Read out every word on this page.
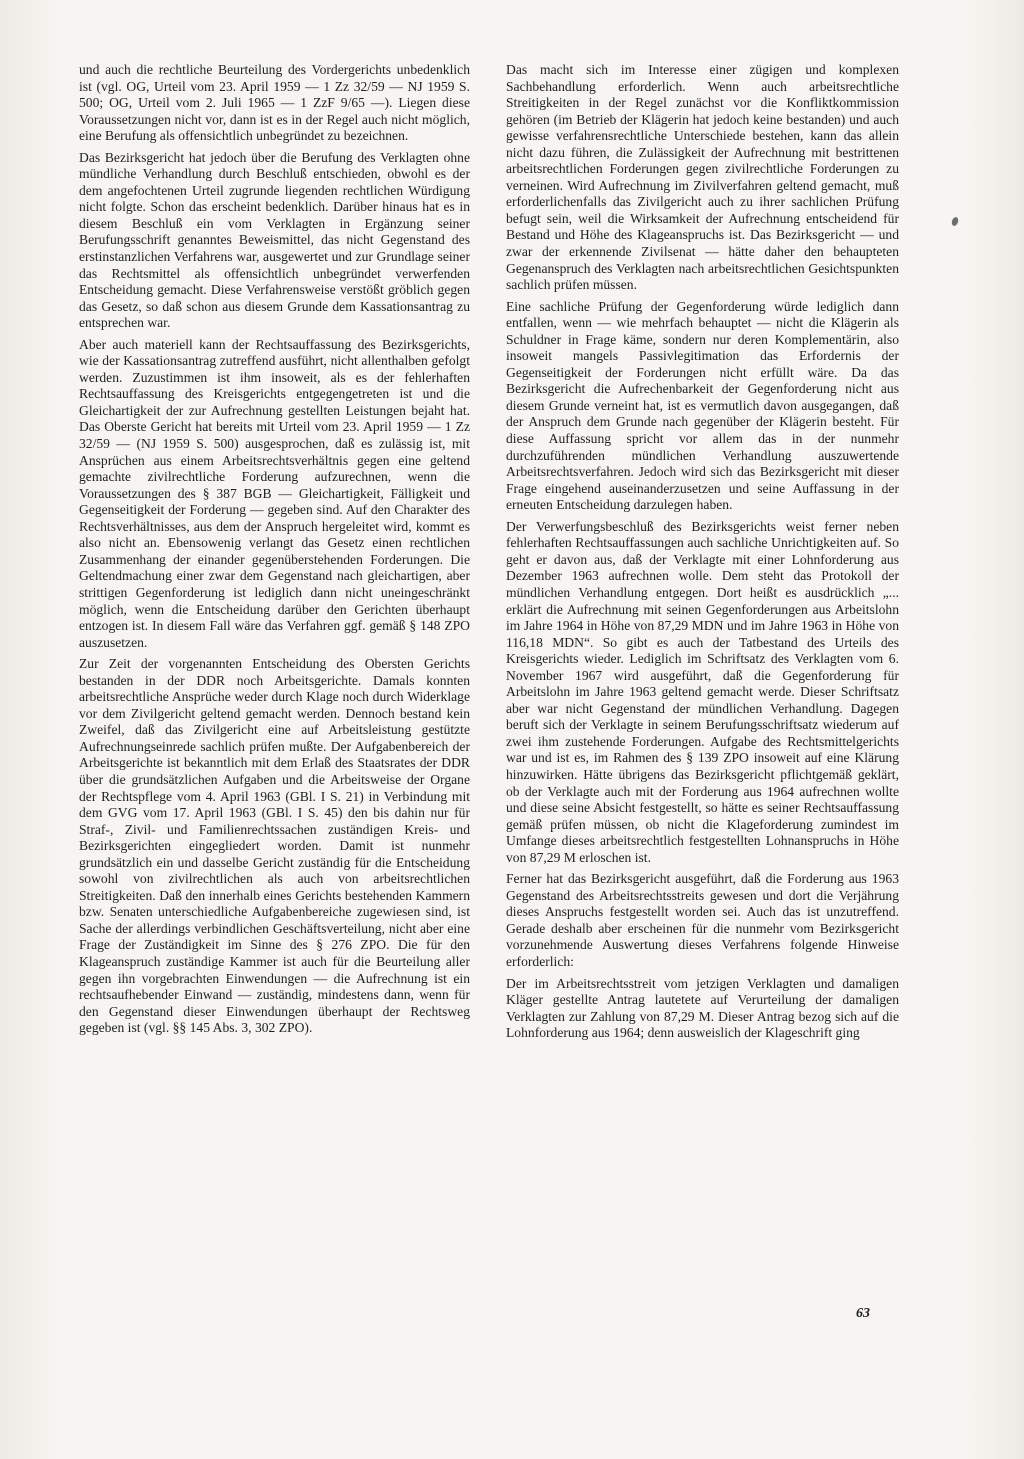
und auch die rechtliche Beurteilung des Vordergerichts unbedenklich ist (vgl. OG, Urteil vom 23. April 1959 — 1 Zz 32/59 — NJ 1959 S. 500; OG, Urteil vom 2. Juli 1965 — 1 ZzF 9/65 —). Liegen diese Voraussetzungen nicht vor, dann ist es in der Regel auch nicht möglich, eine Berufung als offensichtlich unbegründet zu bezeichnen.

Das Bezirksgericht hat jedoch über die Berufung des Verklagten ohne mündliche Verhandlung durch Beschluß entschieden, obwohl es der dem angefochtenen Urteil zugrunde liegenden rechtlichen Würdigung nicht folgte. Schon das erscheint bedenklich. Darüber hinaus hat es in diesem Beschluß ein vom Verklagten in Ergänzung seiner Berufungsschrift genanntes Beweismittel, das nicht Gegenstand des erstinstanzlichen Verfahrens war, ausgewertet und zur Grundlage seiner das Rechtsmittel als offensichtlich unbegründet verwerfenden Entscheidung gemacht. Diese Verfahrensweise verstößt gröblich gegen das Gesetz, so daß schon aus diesem Grunde dem Kassationsantrag zu entsprechen war.

Aber auch materiell kann der Rechtsauffassung des Bezirksgerichts, wie der Kassationsantrag zutreffend ausführt, nicht allenthalben gefolgt werden. Zuzustimmen ist ihm insoweit, als es der fehlerhaften Rechtsauffassung des Kreisgerichts entgegengetreten ist und die Gleichartigkeit der zur Aufrechnung gestellten Leistungen bejaht hat. Das Oberste Gericht hat bereits mit Urteil vom 23. April 1959 — 1 Zz 32/59 — (NJ 1959 S. 500) ausgesprochen, daß es zulässig ist, mit Ansprüchen aus einem Arbeitsrechtsverhältnis gegen eine geltend gemachte zivilrechtliche Forderung aufzurechnen, wenn die Voraussetzungen des § 387 BGB — Gleichartigkeit, Fälligkeit und Gegenseitigkeit der Forderung — gegeben sind. Auf den Charakter des Rechtsverhältnisses, aus dem der Anspruch hergeleitet wird, kommt es also nicht an. Ebensowenig verlangt das Gesetz einen rechtlichen Zusammenhang der einander gegenüberstehenden Forderungen. Die Geltendmachung einer zwar dem Gegenstand nach gleichartigen, aber strittigen Gegenforderung ist lediglich dann nicht uneingeschränkt möglich, wenn die Entscheidung darüber den Gerichten überhaupt entzogen ist. In diesem Fall wäre das Verfahren ggf. gemäß § 148 ZPO auszusetzen.

Zur Zeit der vorgenannten Entscheidung des Obersten Gerichts bestanden in der DDR noch Arbeitsgerichte. Damals konnten arbeitsrechtliche Ansprüche weder durch Klage noch durch Widerklage vor dem Zivilgericht geltend gemacht werden. Dennoch bestand kein Zweifel, daß das Zivilgericht eine auf Arbeitsleistung gestützte Aufrechnungseinrede sachlich prüfen mußte. Der Aufgabenbereich der Arbeitsgerichte ist bekanntlich mit dem Erlaß des Staatsrates der DDR über die grundsätzlichen Aufgaben und die Arbeitsweise der Organe der Rechtspflege vom 4. April 1963 (GBl. I S. 21) in Verbindung mit dem GVG vom 17. April 1963 (GBl. I S. 45) den bis dahin nur für Straf-, Zivil- und Familienrechtssachen zuständigen Kreis- und Bezirksgerichten eingegliedert worden. Damit ist nunmehr grundsätzlich ein und dasselbe Gericht zuständig für die Entscheidung sowohl von zivilrechtlichen als auch von arbeitsrechtlichen Streitigkeiten. Daß den innerhalb eines Gerichts bestehenden Kammern bzw. Senaten unterschiedliche Aufgabenbereiche zugewiesen sind, ist Sache der allerdings verbindlichen Geschäftsverteilung, nicht aber eine Frage der Zuständigkeit im Sinne des § 276 ZPO. Die für den Klageanspruch zuständige Kammer ist auch für die Beurteilung aller gegen ihn vorgebrachten Einwendungen — die Aufrechnung ist ein rechtsaufhebender Einwand — zuständig, mindestens dann, wenn für den Gegenstand dieser Einwendungen überhaupt der Rechtsweg gegeben ist (vgl. §§ 145 Abs. 3, 302 ZPO).

Das macht sich im Interesse einer zügigen und komplexen Sachbehandlung erforderlich. Wenn auch arbeitsrechtliche Streitigkeiten in der Regel zunächst vor die Konfliktkommission gehören (im Betrieb der Klägerin hat jedoch keine bestanden) und auch gewisse verfahrensrechtliche Unterschiede bestehen, kann das allein nicht dazu führen, die Zulässigkeit der Aufrechnung mit bestrittenen arbeitsrechtlichen Forderungen gegen zivilrechtliche Forderungen zu verneinen. Wird Aufrechnung im Zivilverfahren geltend gemacht, muß erforderlichenfalls das Zivilgericht auch zu ihrer sachlichen Prüfung befugt sein, weil die Wirksamkeit der Aufrechnung entscheidend für Bestand und Höhe des Klageanspruchs ist. Das Bezirksgericht — und zwar der erkennende Zivilsenat — hätte daher den behaupteten Gegenanspruch des Verklagten nach arbeitsrechtlichen Gesichtspunkten sachlich prüfen müssen.

Eine sachliche Prüfung der Gegenforderung würde lediglich dann entfallen, wenn — wie mehrfach behauptet — nicht die Klägerin als Schuldner in Frage käme, sondern nur deren Komplementärin, also insoweit mangels Passivlegitimation das Erfordernis der Gegenseitigkeit der Forderungen nicht erfüllt wäre. Da das Bezirksgericht die Aufrechenbarkeit der Gegenforderung nicht aus diesem Grunde verneint hat, ist es vermutlich davon ausgegangen, daß der Anspruch dem Grunde nach gegenüber der Klägerin besteht. Für diese Auffassung spricht vor allem das in der nunmehr durchzuführenden mündlichen Verhandlung auszuwertende Arbeitsrechtsverfahren. Jedoch wird sich das Bezirksgericht mit dieser Frage eingehend auseinanderzusetzen und seine Auffassung in der erneuten Entscheidung darzulegen haben.

Der Verwerfungsbeschluß des Bezirksgerichts weist ferner neben fehlerhaften Rechtsauffassungen auch sachliche Unrichtigkeiten auf. So geht er davon aus, daß der Verklagte mit einer Lohnforderung aus Dezember 1963 aufrechnen wolle. Dem steht das Protokoll der mündlichen Verhandlung entgegen. Dort heißt es ausdrücklich „... erklärt die Aufrechnung mit seinen Gegenforderungen aus Arbeitslohn im Jahre 1964 in Höhe von 87,29 MDN und im Jahre 1963 in Höhe von 116,18 MDN“. So gibt es auch der Tatbestand des Urteils des Kreisgerichts wieder. Lediglich im Schriftsatz des Verklagten vom 6. November 1967 wird ausgeführt, daß die Gegenforderung für Arbeitslohn im Jahre 1963 geltend gemacht werde. Dieser Schriftsatz aber war nicht Gegenstand der mündlichen Verhandlung. Dagegen beruft sich der Verklagte in seinem Berufungsschriftsatz wiederum auf zwei ihm zustehende Forderungen. Aufgabe des Rechtsmittelgerichts war und ist es, im Rahmen des § 139 ZPO insoweit auf eine Klärung hinzuwirken. Hätte übrigens das Bezirksgericht pflichtgemäß geklärt, ob der Verklagte auch mit der Forderung aus 1964 aufrechnen wollte und diese seine Absicht festgestellt, so hätte es seiner Rechtsauffassung gemäß prüfen müssen, ob nicht die Klageforderung zumindest im Umfange dieses arbeitsrechtlich festgestellten Lohnanspruchs in Höhe von 87,29 M erloschen ist.

Ferner hat das Bezirksgericht ausgeführt, daß die Forderung aus 1963 Gegenstand des Arbeitsrechtsstreits gewesen und dort die Verjährung dieses Anspruchs festgestellt worden sei. Auch das ist unzutreffend. Gerade deshalb aber erscheinen für die nunmehr vom Bezirksgericht vorzunehmende Auswertung dieses Verfahrens folgende Hinweise erforderlich:

Der im Arbeitsrechtsstreit vom jetzigen Verklagten und damaligen Kläger gestellte Antrag lautetete auf Verurteilung der damaligen Verklagten zur Zahlung von 87,29 M. Dieser Antrag bezog sich auf die Lohnforderung aus 1964; denn ausweislich der Klageschrift ging

63
